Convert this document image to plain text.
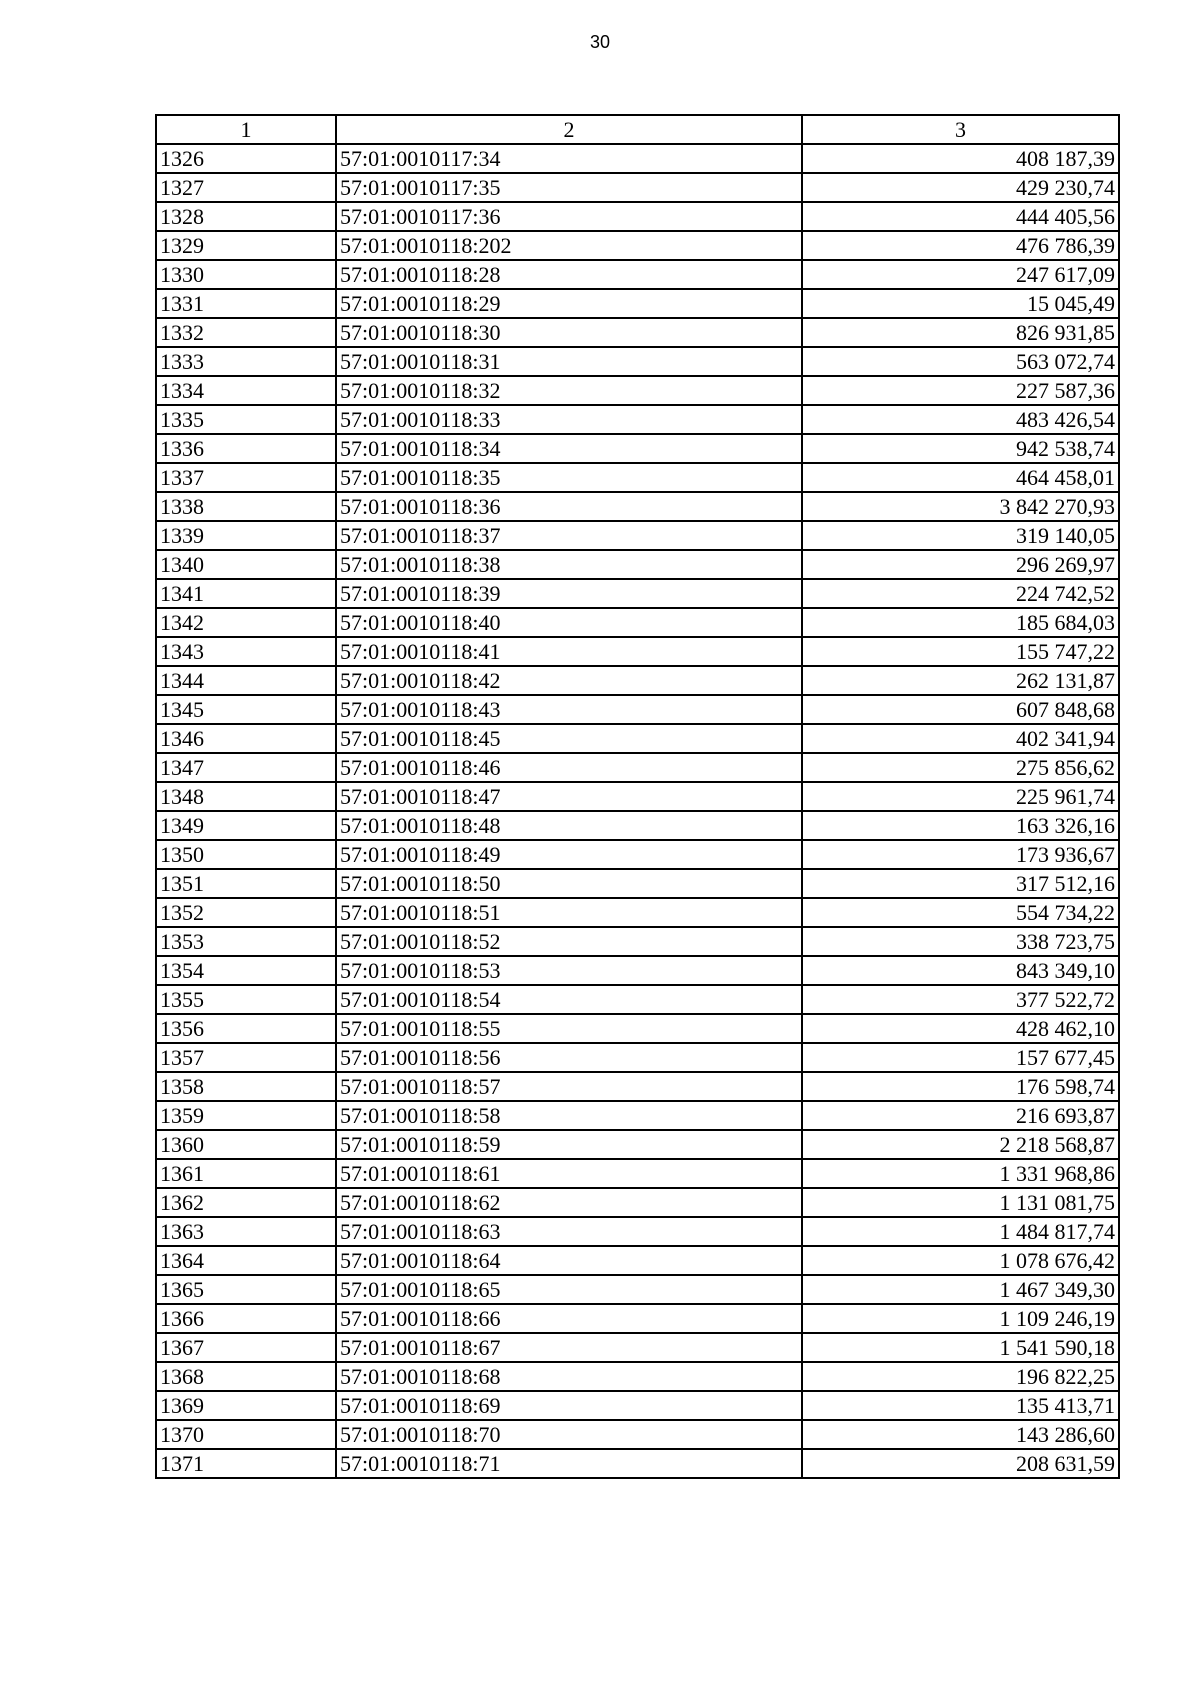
30
1	2	3
1326	57:01:0010117:34	408 187,39
1327	57:01:0010117:35	429 230,74
1328	57:01:0010117:36	444 405,56
1329	57:01:0010118:202	476 786,39
1330	57:01:0010118:28	247 617,09
1331	57:01:0010118:29	15 045,49
1332	57:01:0010118:30	826 931,85
1333	57:01:0010118:31	563 072,74
1334	57:01:0010118:32	227 587,36
1335	57:01:0010118:33	483 426,54
1336	57:01:0010118:34	942 538,74
1337	57:01:0010118:35	464 458,01
1338	57:01:0010118:36	3 842 270,93
1339	57:01:0010118:37	319 140,05
1340	57:01:0010118:38	296 269,97
1341	57:01:0010118:39	224 742,52
1342	57:01:0010118:40	185 684,03
1343	57:01:0010118:41	155 747,22
1344	57:01:0010118:42	262 131,87
1345	57:01:0010118:43	607 848,68
1346	57:01:0010118:45	402 341,94
1347	57:01:0010118:46	275 856,62
1348	57:01:0010118:47	225 961,74
1349	57:01:0010118:48	163 326,16
1350	57:01:0010118:49	173 936,67
1351	57:01:0010118:50	317 512,16
1352	57:01:0010118:51	554 734,22
1353	57:01:0010118:52	338 723,75
1354	57:01:0010118:53	843 349,10
1355	57:01:0010118:54	377 522,72
1356	57:01:0010118:55	428 462,10
1357	57:01:0010118:56	157 677,45
1358	57:01:0010118:57	176 598,74
1359	57:01:0010118:58	216 693,87
1360	57:01:0010118:59	2 218 568,87
1361	57:01:0010118:61	1 331 968,86
1362	57:01:0010118:62	1 131 081,75
1363	57:01:0010118:63	1 484 817,74
1364	57:01:0010118:64	1 078 676,42
1365	57:01:0010118:65	1 467 349,30
1366	57:01:0010118:66	1 109 246,19
1367	57:01:0010118:67	1 541 590,18
1368	57:01:0010118:68	196 822,25
1369	57:01:0010118:69	135 413,71
1370	57:01:0010118:70	143 286,60
1371	57:01:0010118:71	208 631,59
